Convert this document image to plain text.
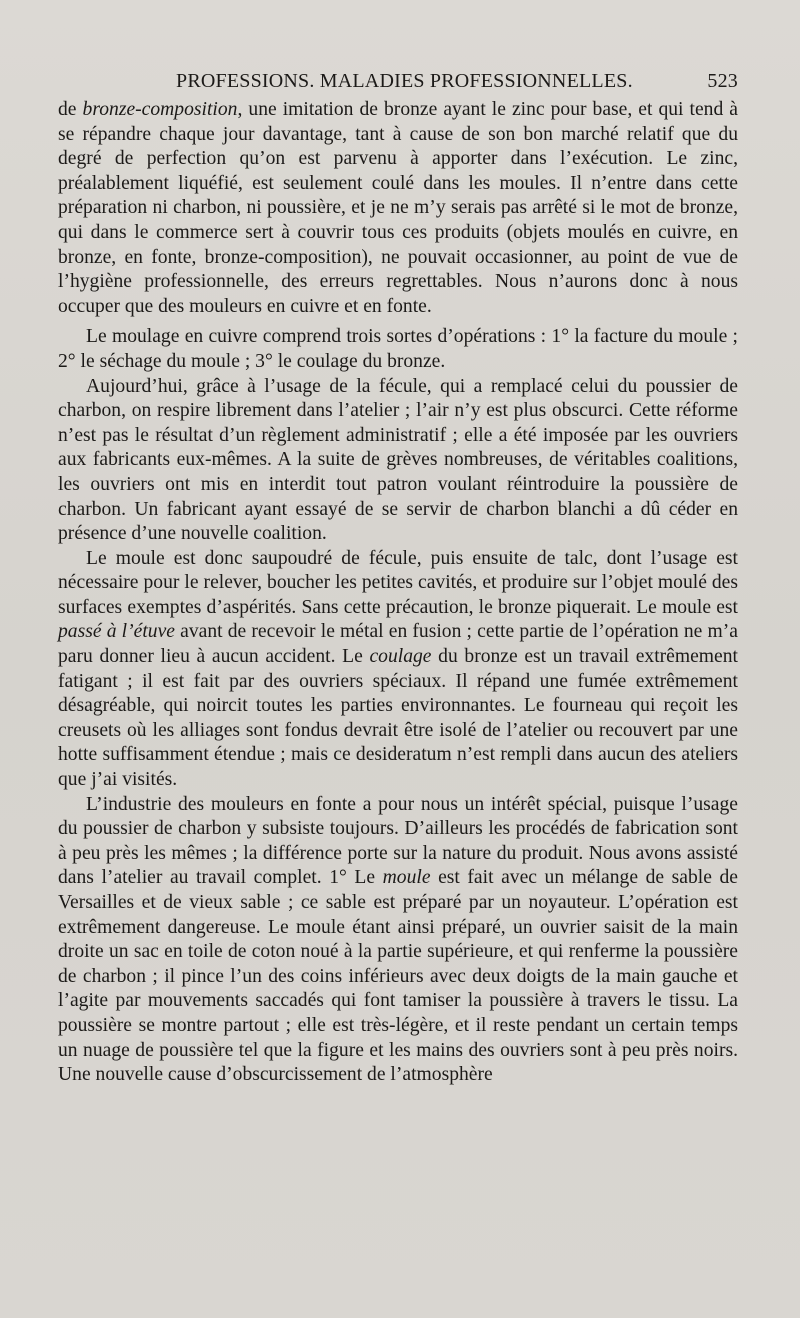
PROFESSIONS. MALADIES PROFESSIONNELLES.	523

de bronze-composition, une imitation de bronze ayant le zinc pour base, et qui tend à se répandre chaque jour davantage, tant à cause de son bon marché relatif que du degré de perfection qu’on est parvenu à apporter dans l’exécution. Le zinc, préalablement liquéfié, est seulement coulé dans les moules. Il n’entre dans cette préparation ni charbon, ni poussière, et je ne m’y serais pas arrêté si le mot de bronze, qui dans le commerce sert à couvrir tous ces produits (objets moulés en cuivre, en bronze, en fonte, bronze-composition), ne pouvait occasionner, au point de vue de l’hygiène professionnelle, des erreurs regrettables. Nous n’aurons donc à nous occuper que des mouleurs en cuivre et en fonte.

Le moulage en cuivre comprend trois sortes d’opérations : 1° la facture du moule ; 2° le séchage du moule ; 3° le coulage du bronze.

Aujourd’hui, grâce à l’usage de la fécule, qui a remplacé celui du poussier de charbon, on respire librement dans l’atelier ; l’air n’y est plus obscurci. Cette réforme n’est pas le résultat d’un règlement administratif ; elle a été imposée par les ouvriers aux fabricants eux-mêmes. A la suite de grèves nombreuses, de véritables coalitions, les ouvriers ont mis en interdit tout patron voulant réintroduire la poussière de charbon. Un fabricant ayant essayé de se servir de charbon blanchi a dû céder en présence d’une nouvelle coalition.

Le moule est donc saupoudré de fécule, puis ensuite de talc, dont l’usage est nécessaire pour le relever, boucher les petites cavités, et produire sur l’objet moulé des surfaces exemptes d’aspérités. Sans cette précaution, le bronze piquerait. Le moule est passé à l’étuve avant de recevoir le métal en fusion ; cette partie de l’opération ne m’a paru donner lieu à aucun accident. Le coulage du bronze est un travail extrêmement fatigant ; il est fait par des ouvriers spéciaux. Il répand une fumée extrêmement désagréable, qui noircit toutes les parties environnantes. Le fourneau qui reçoit les creusets où les alliages sont fondus devrait être isolé de l’atelier ou recouvert par une hotte suffisamment étendue ; mais ce desideratum n’est rempli dans aucun des ateliers que j’ai visités.

L’industrie des mouleurs en fonte a pour nous un intérêt spécial, puisque l’usage du poussier de charbon y subsiste toujours. D’ailleurs les procédés de fabrication sont à peu près les mêmes ; la différence porte sur la nature du produit. Nous avons assisté dans l’atelier au travail complet. 1° Le moule est fait avec un mélange de sable de Versailles et de vieux sable ; ce sable est préparé par un noyauteur. L’opération est extrêmement dangereuse. Le moule étant ainsi préparé, un ouvrier saisit de la main droite un sac en toile de coton noué à la partie supérieure, et qui renferme la poussière de charbon ; il pince l’un des coins inférieurs avec deux doigts de la main gauche et l’agite par mouvements saccadés qui font tamiser la poussière à travers le tissu. La poussière se montre partout ; elle est très-légère, et il reste pendant un certain temps un nuage de poussière tel que la figure et les mains des ouvriers sont à peu près noirs. Une nouvelle cause d’obscurcissement de l’atmosphère
